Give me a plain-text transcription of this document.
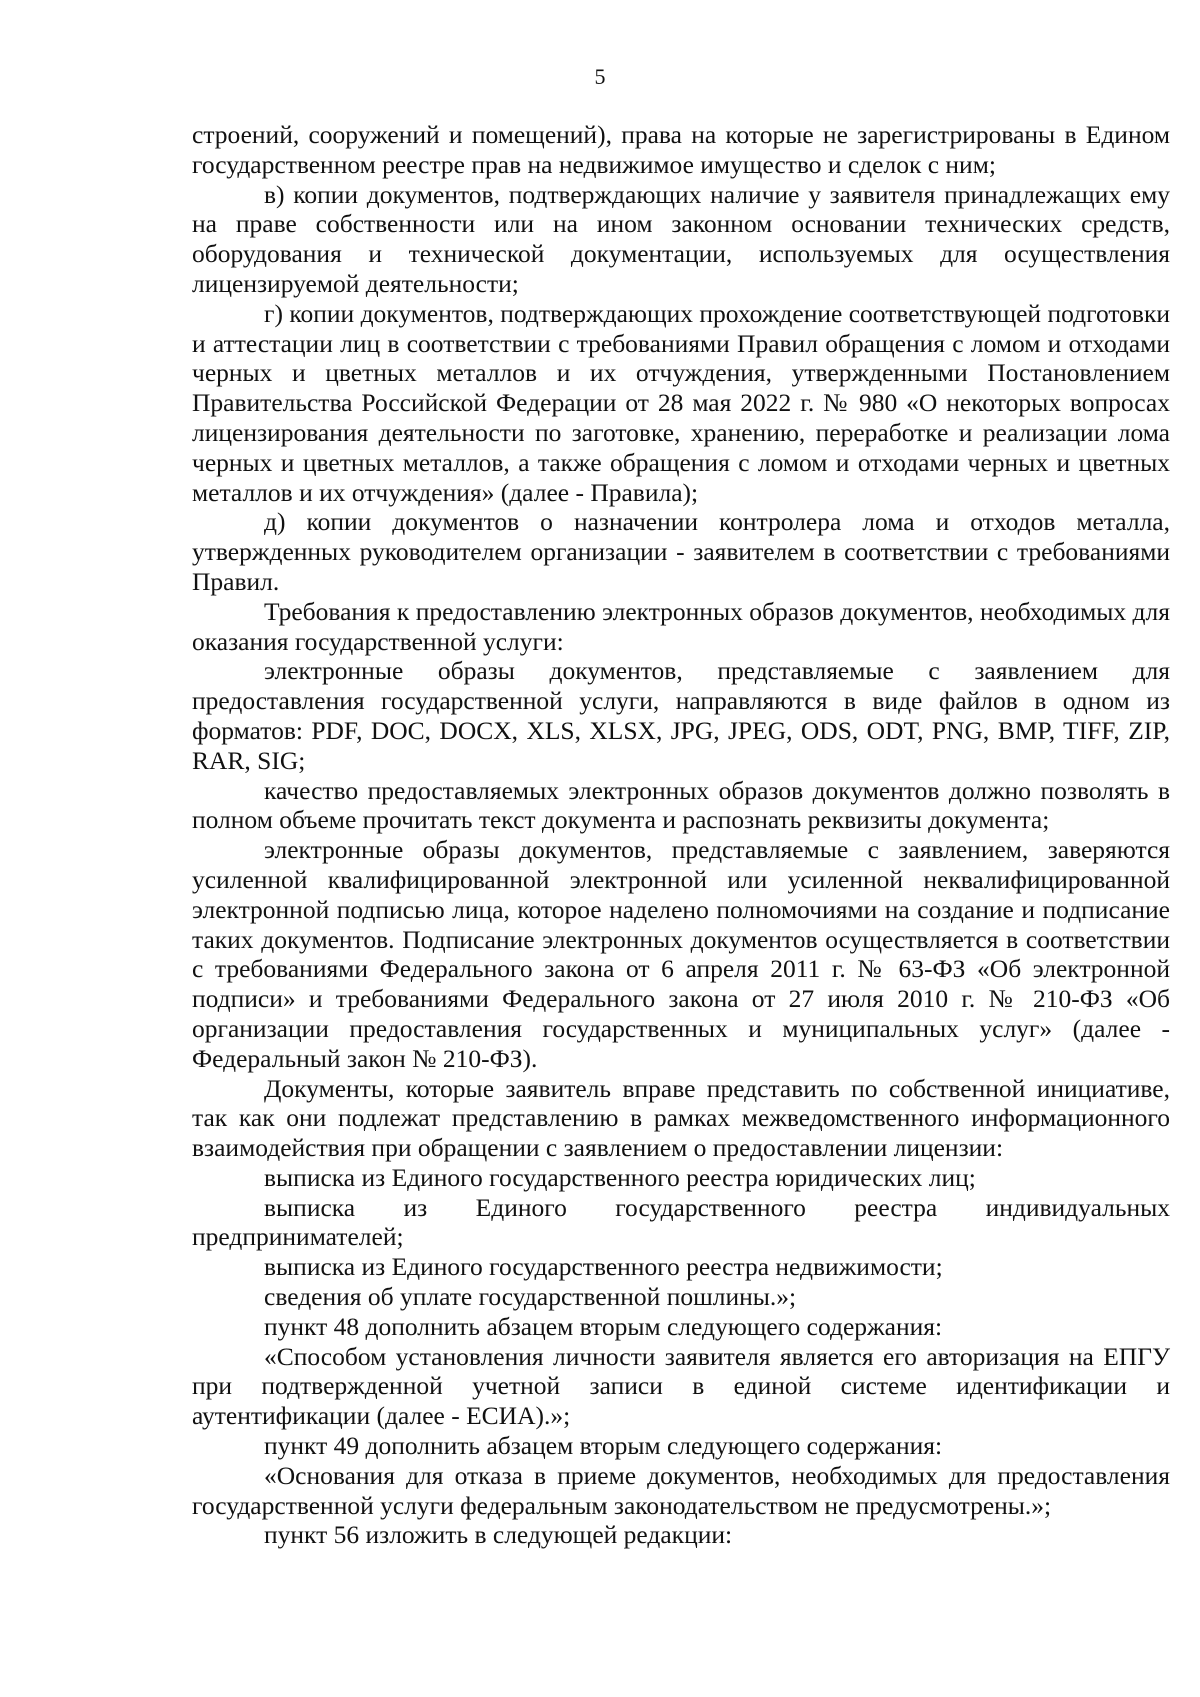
5

строений, сооружений и помещений), права на которые не зарегистрированы в Едином государственном реестре прав на недвижимое имущество и сделок с ним;

в) копии документов, подтверждающих наличие у заявителя принадлежащих ему на праве собственности или на ином законном основании технических средств, оборудования и технической документации, используемых для осуществления лицензируемой деятельности;

г) копии документов, подтверждающих прохождение соответствующей подготовки и аттестации лиц в соответствии с требованиями Правил обращения с ломом и отходами черных и цветных металлов и их отчуждения, утвержденными Постановлением Правительства Российской Федерации от 28 мая 2022 г. № 980 «О некоторых вопросах лицензирования деятельности по заготовке, хранению, переработке и реализации лома черных и цветных металлов, а также обращения с ломом и отходами черных и цветных металлов и их отчуждения» (далее - Правила);

д) копии документов о назначении контролера лома и отходов металла, утвержденных руководителем организации - заявителем в соответствии с требованиями Правил.

Требования к предоставлению электронных образов документов, необходимых для оказания государственной услуги:

электронные образы документов, представляемые с заявлением для предоставления государственной услуги, направляются в виде файлов в одном из форматов: PDF, DOC, DOCX, XLS, XLSX, JPG, JPEG, ODS, ODT, PNG, BMP, TIFF, ZIP, RAR, SIG;

качество предоставляемых электронных образов документов должно позволять в полном объеме прочитать текст документа и распознать реквизиты документа;

электронные образы документов, представляемые с заявлением, заверяются усиленной квалифицированной электронной или усиленной неквалифицированной электронной подписью лица, которое наделено полномочиями на создание и подписание таких документов. Подписание электронных документов осуществляется в соответствии с требованиями Федерального закона от 6 апреля 2011 г. № 63-ФЗ «Об электронной подписи» и требованиями Федерального закона от 27 июля 2010 г. № 210-ФЗ «Об организации предоставления государственных и муниципальных услуг» (далее - Федеральный закон № 210-ФЗ).

Документы, которые заявитель вправе представить по собственной инициативе, так как они подлежат представлению в рамках межведомственного информационного взаимодействия при обращении с заявлением о предоставлении лицензии:

выписка из Единого государственного реестра юридических лиц;

выписка из Единого государственного реестра индивидуальных предпринимателей;

выписка из Единого государственного реестра недвижимости;

сведения об уплате государственной пошлины.»;

пункт 48 дополнить абзацем вторым следующего содержания:

«Способом установления личности заявителя является его авторизация на ЕПГУ при подтвержденной учетной записи в единой системе идентификации и аутентификации (далее - ЕСИА).»;

пункт 49 дополнить абзацем вторым следующего содержания:

«Основания для отказа в приеме документов, необходимых для предоставления государственной услуги федеральным законодательством не предусмотрены.»;

пункт 56 изложить в следующей редакции:
